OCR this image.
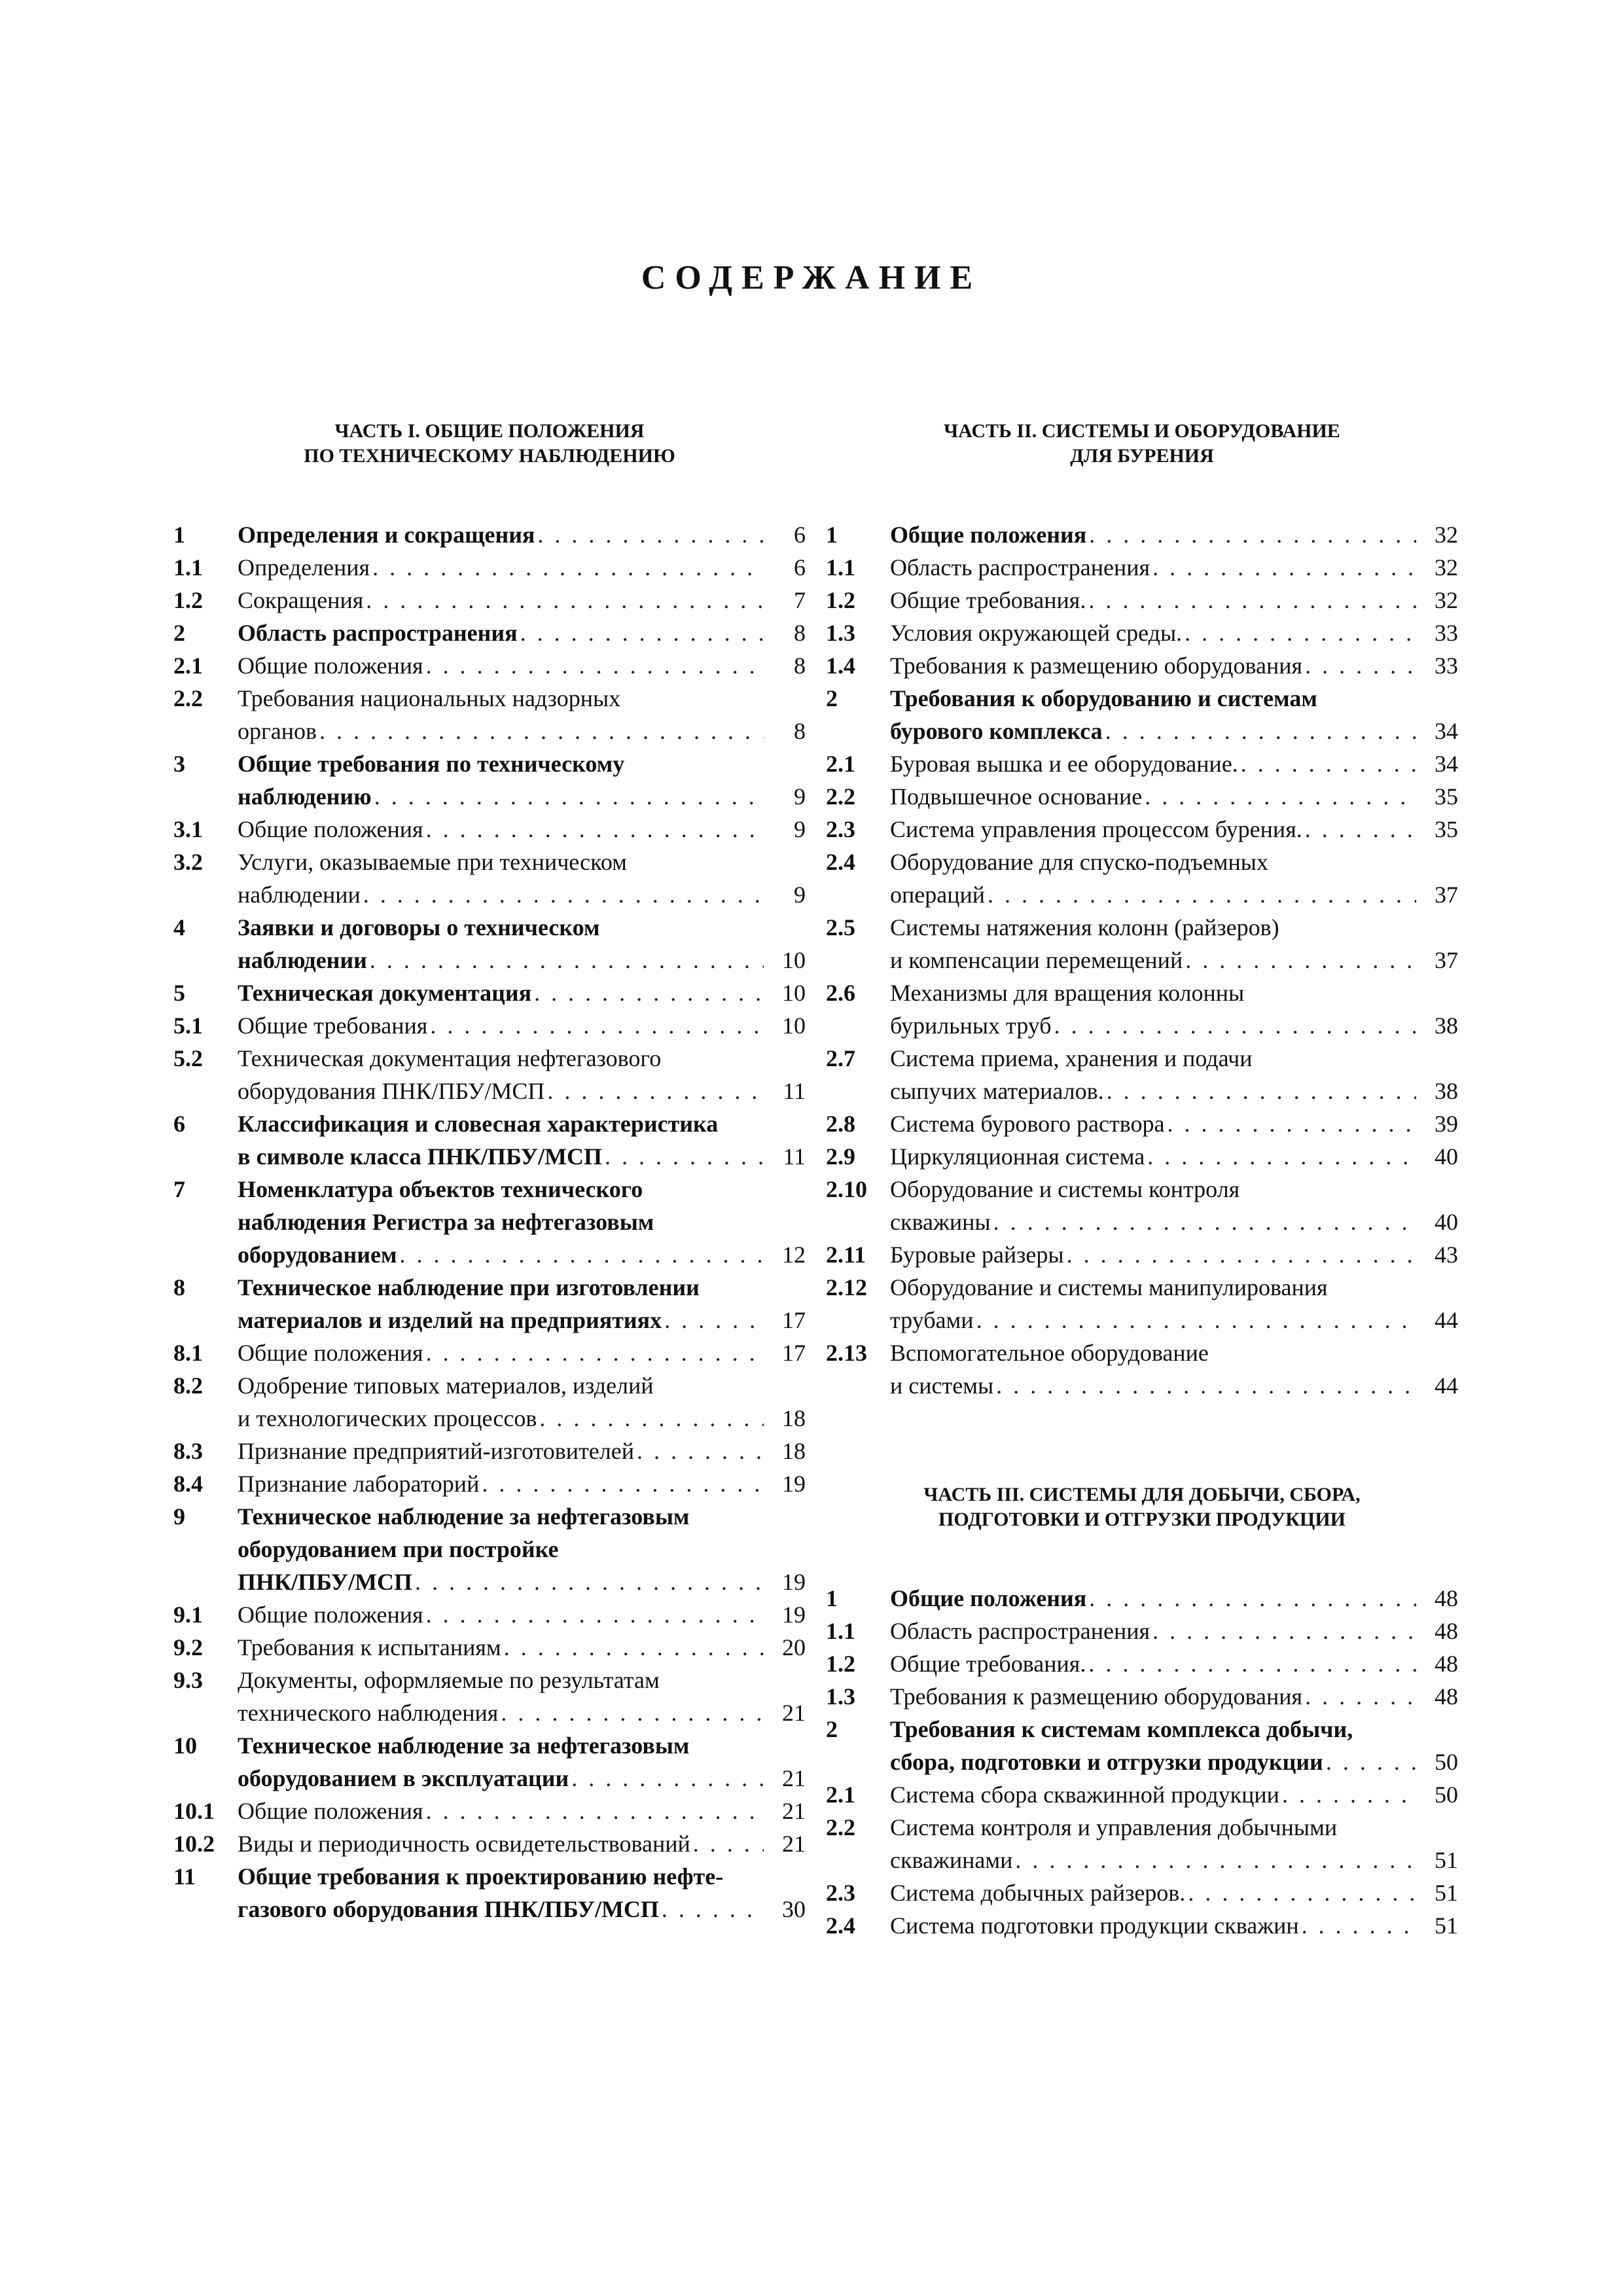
СОДЕРЖАНИЕ
ЧАСТЬ I. ОБЩИЕ ПОЛОЖЕНИЯ
ПО ТЕХНИЧЕСКОМУ НАБЛЮДЕНИЮ
1	Определения и сокращения . . .	6
1.1	Определения . . .	6
1.2	Сокращения . . .	7
2	Область распространения . . .	8
2.1	Общие положения . . .	8
2.2	Требования национальных надзорных
органов . . .	8
3	Общие требования по техническому
наблюдению . . .	9
3.1	Общие положения . . .	9
3.2	Услуги, оказываемые при техническом
наблюдении . . .	9
4	Заявки и договоры о техническом
наблюдении . . .	10
5	Техническая документация . . .	10
5.1	Общие требования . . .	10
5.2	Техническая документация нефтегазового
оборудования ПНК/ПБУ/МСП . . .	11
6	Классификация и словесная характеристика
в символе класса ПНК/ПБУ/МСП . . .	11
7	Номенклатура объектов технического
наблюдения Регистра за нефтегазовым
оборудованием . . .	12
8	Техническое наблюдение при изготовлении
материалов и изделий на предприятиях . . .	17
8.1	Общие положения . . .	17
8.2	Одобрение типовых материалов, изделий
и технологических процессов . . .	18
8.3	Признание предприятий-изготовителей . . .	18
8.4	Признание лабораторий . . .	19
9	Техническое наблюдение за нефтегазовым
оборудованием при постройке
ПНК/ПБУ/МСП . . .	19
9.1	Общие положения . . .	19
9.2	Требования к испытаниям . . .	20
9.3	Документы, оформляемые по результатам
технического наблюдения . . .	21
10	Техническое наблюдение за нефтегазовым
оборудованием в эксплуатации . . .	21
10.1 Общие положения . . .	21
10.2 Виды и периодичность освидетельствований . . .	21
11	Общие требования к проектированию нефте-
газового оборудования ПНК/ПБУ/МСП . . .	30
ЧАСТЬ II. СИСТЕМЫ И ОБОРУДОВАНИЕ
ДЛЯ БУРЕНИЯ
1	Общие положения . . .	32
1.1	Область распространения . . .	32
1.2	Общие требования. . . .	32
1.3	Условия окружающей среды. . . .	33
1.4	Требования к размещению оборудования . . .	33
2	Требования к оборудованию и системам
бурового комплекса . . .	34
2.1	Буровая вышка и ее оборудование. . . .	34
2.2	Подвышечное основание . . .	35
2.3	Система управления процессом бурения. . . .	35
2.4	Оборудование для спуско-подъемных
операций . . .	37
2.5	Системы натяжения колонн (райзеров)
и компенсации перемещений . . .	37
2.6	Механизмы для вращения колонны
бурильных труб . . .	38
2.7	Система приема, хранения и подачи
сыпучих материалов. . . .	38
2.8	Система бурового раствора . . .	39
2.9	Циркуляционная система . . .	40
2.10 Оборудование и системы контроля
скважины . . .	40
2.11	Буровые райзеры . . .	43
2.12 Оборудование и системы манипулирования
трубами . . .	44
2.13 Вспомогательное оборудование
и системы . . .	44
ЧАСТЬ III. СИСТЕМЫ ДЛЯ ДОБЫЧИ, СБОРА,
ПОДГОТОВКИ И ОТГРУЗКИ ПРОДУКЦИИ
1	Общие положения . . .	48
1.1	Область распространения . . .	48
1.2	Общие требования. . . .	48
1.3	Требования к размещению оборудования . . .	48
2	Требования к системам комплекса добычи,
сбора, подготовки и отгрузки продукции . . .	50
2.1	Система сбора скважинной продукции . . .	50
2.2	Система контроля и управления добычными
скважинами . . .	51
2.3	Система добычных райзеров. . . .	51
2.4	Система подготовки продукции скважин . . .	51
